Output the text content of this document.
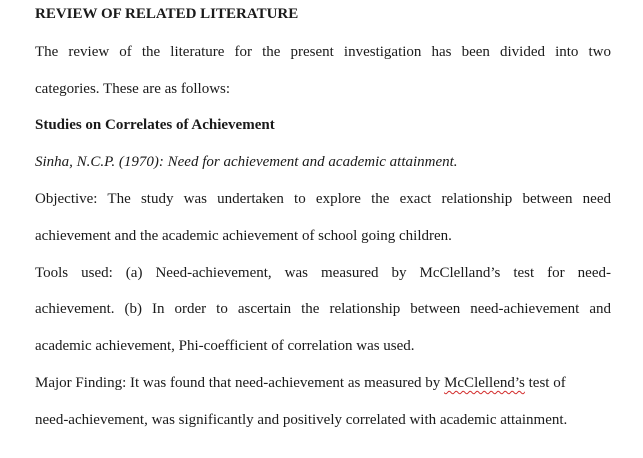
REVIEW OF RELATED LITERATURE
The review of the literature for the present investigation has been divided into two
categories. These are as follows:
Studies on Correlates of Achievement
Sinha, N.C.P. (1970): Need for achievement and academic attainment.
Objective: The study was undertaken to explore the exact relationship between need
achievement and the academic achievement of school going children.
Tools used: (a) Need-achievement, was measured by McClelland’s test for need-
achievement. (b) In order to ascertain the relationship between need-achievement and
academic achievement, Phi-coefficient of correlation was used.
Major Finding: It was found that need-achievement as measured by McClellend’s test of
need-achievement, was significantly and positively correlated with academic attainment.
